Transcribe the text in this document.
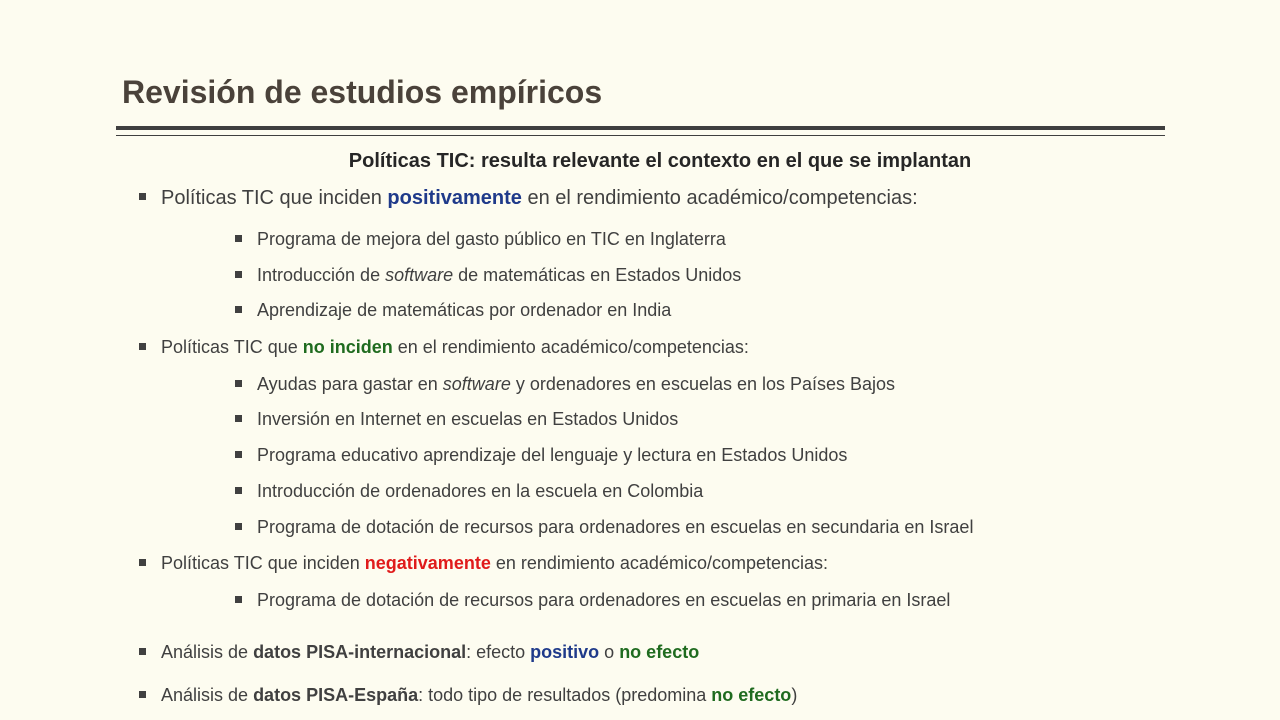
Revisión de estudios empíricos
Políticas TIC: resulta relevante el contexto en el que se implantan
Políticas TIC que inciden positivamente en el rendimiento académico/competencias:
Programa de mejora del gasto público en TIC en Inglaterra
Introducción de software de matemáticas en Estados Unidos
Aprendizaje de matemáticas por ordenador en India
Políticas TIC que no inciden en el rendimiento académico/competencias:
Ayudas para gastar en software y ordenadores en escuelas en los Países Bajos
Inversión en Internet en escuelas en Estados Unidos
Programa educativo aprendizaje del lenguaje y lectura en Estados Unidos
Introducción de ordenadores en la escuela en Colombia
Programa de dotación de recursos para ordenadores en escuelas en secundaria en Israel
Políticas TIC que inciden negativamente en rendimiento académico/competencias:
Programa de dotación de recursos para ordenadores en escuelas en primaria en Israel
Análisis de datos PISA-internacional: efecto positivo o no efecto
Análisis de datos PISA-España: todo tipo de resultados (predomina no efecto)
